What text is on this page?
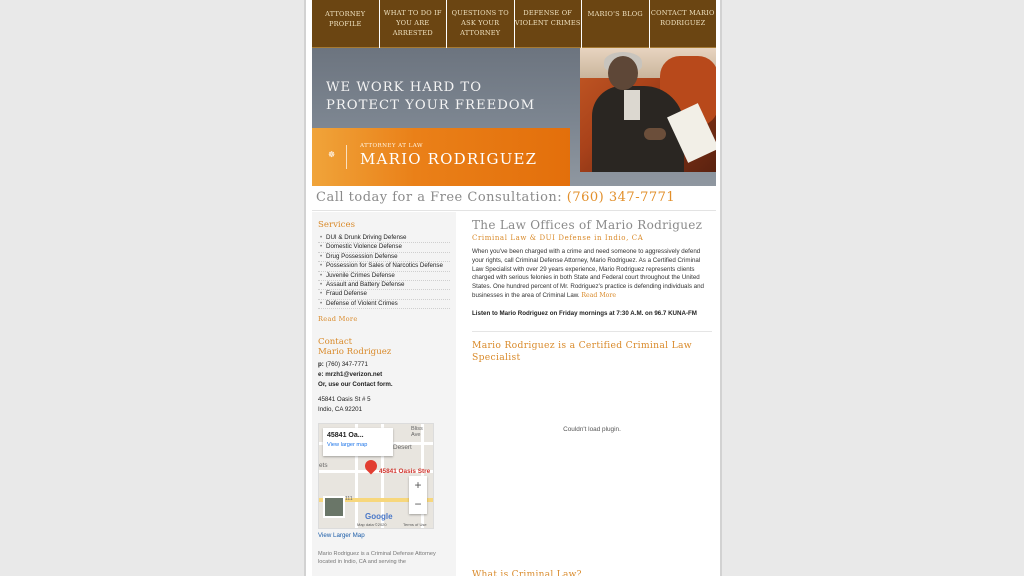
ATTORNEY PROFILE
WHAT TO DO IF YOU ARE ARRESTED
QUESTIONS TO ASK YOUR ATTORNEY
DEFENSE OF VIOLENT CRIMES
MARIO'S BLOG	CONTACT MARIO RODRIGUEZ
WE WORK HARD TO
PROTECT YOUR FREEDOM
☸
ATTORNEY AT LAW
MARIO RODRIGUEZ
Call today for a Free Consultation: (760) 347-7771
Services
• DUI & Drunk Driving Defense
• Domestic Violence Defense
• Drug Possession Defense
• Possession for Sales of Narcotics Defense
• Juvenile Crimes Defense
• Assault and Battery Defense
• Fraud Defense
• Defense of Violent Crimes
Read More
Contact
Mario Rodriguez
p: (760) 347-7771
e: mrzh1@verizon.net
Or, use our Contact form.
45841 Oasis St # 5
Indio, CA 92201
Bliss Ave
Desert
ets
111
45841 Oa...
View larger map
45841 Oasis Stre
+
−
Google
Map data ©2020	Terms of Use
View Larger Map
Mario Rodriguez is a Criminal Defense Attorney located in Indio, CA and serving the
The Law Offices of Mario Rodriguez
Criminal Law & DUI Defense in Indio, CA

When you've been charged with a crime and need someone to aggressively defend your rights, call Criminal Defense Attorney, Mario Rodriguez. As a Certified Criminal Law Specialist with over 29 years experience, Mario Rodriguez represents clients charged with serious felonies in both State and Federal court throughout the United States. One hundred percent of Mr. Rodriguez's practice is defending individuals and businesses in the area of Criminal Law. Read More

Listen to Mario Rodriguez on Friday mornings at 7:30 A.M. on 96.7 KUNA-FM

Mario Rodriguez is a Certified Criminal Law Specialist
Couldn't load plugin.
What is Criminal Law?
